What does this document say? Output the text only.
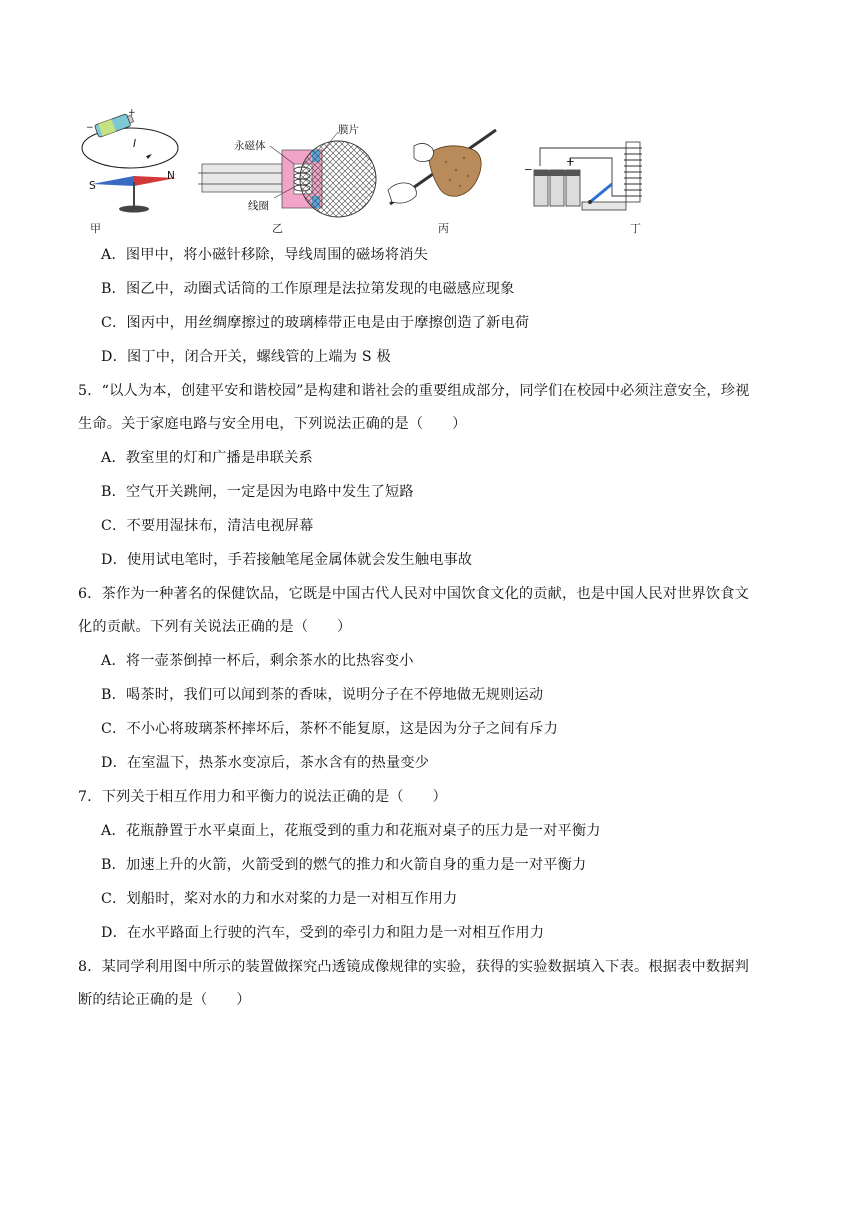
−
+
I
S
N
甲
永磁体
膜片
线圈
乙	丙
−
+
丁
A．图甲中，将小磁针移除，导线周围的磁场将消失
B．图乙中，动圈式话筒的工作原理是法拉第发现的电磁感应现象
C．图丙中，用丝绸摩擦过的玻璃棒带正电是由于摩擦创造了新电荷
D．图丁中，闭合开关，螺线管的上端为 S 极
5．“以人为本，创建平安和谐校园”是构建和谐社会的重要组成部分，同学们在校园中必须注意安全，珍视
生命。关于家庭电路与安全用电，下列说法正确的是（　　）
A．教室里的灯和广播是串联关系
B．空气开关跳闸，一定是因为电路中发生了短路
C．不要用湿抹布，清洁电视屏幕
D．使用试电笔时，手若接触笔尾金属体就会发生触电事故
6．茶作为一种著名的保健饮品，它既是中国古代人民对中国饮食文化的贡献，也是中国人民对世界饮食文
化的贡献。下列有关说法正确的是（　　）
A．将一壶茶倒掉一杯后，剩余茶水的比热容变小
B．喝茶时，我们可以闻到茶的香味，说明分子在不停地做无规则运动
C．不小心将玻璃茶杯摔坏后，茶杯不能复原，这是因为分子之间有斥力
D．在室温下，热茶水变凉后，茶水含有的热量变少
7．下列关于相互作用力和平衡力的说法正确的是（　　）
A．花瓶静置于水平桌面上，花瓶受到的重力和花瓶对桌子的压力是一对平衡力
B．加速上升的火箭，火箭受到的燃气的推力和火箭自身的重力是一对平衡力
C．划船时，桨对水的力和水对桨的力是一对相互作用力
D．在水平路面上行驶的汽车，受到的牵引力和阻力是一对相互作用力
8．某同学利用图中所示的装置做探究凸透镜成像规律的实验，获得的实验数据填入下表。根据表中数据判
断的结论正确的是（　　）
